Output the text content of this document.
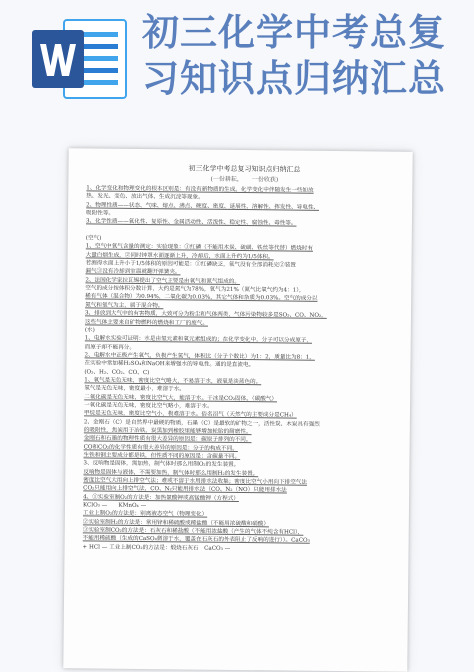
初三化学中考总复
习知识点归纳汇总
初三化学中考总复习知识点归纳汇总
(一份耕耘，　　一份收获)
1、化学变化和物理变化的根本区别是：有没有新物质的生成。化学变化中伴随发生一些如放
热、发光、变色、放出气体、生成沉淀等现象。
2、物理性质——状态、气味、熔点、沸点、硬度、密度、延展性、溶解性、挥发性、导电性、
吸附性等。
3、化学性质——氧化性、复原性、金属活动性、活泼性、稳定性、腐蚀性、毒性等。

(空气)
1、空气中氧气含量的测定：实验现象：①红磷（不能用木炭、硫磺、铁丝等代替）燃烧时有
大量白烟生成，②同时钟罩水面逐渐上升，冷却后，水面上升约为1/5体积。
若测得水面上升小于1/5体积的原因可能是：①红磷缺乏，氧气没有全部消耗完②装置
漏气③没有冷却到室温就翻开弹簧夹。
2、法国化学家拉瓦锡提出了空气主要是由氧气和氮气组成的。
空气的成分按体积分数计算，大约是氮气为78%，氧气为21%（氮气比氧气约为4：1），
稀有气体（混合物）为0.94%，二氧化碳为0.03%，其它气体和杂质为0.03%。空气的成分以
氮气和氧气为主，属于混合物。
3、排放到大气中的有害物质，大致可分为粉尘和气体两类，气体污染物较多是SO₂、CO、NO₂，
这些气体主要来自矿物燃料的燃烧和工厂的废气。
(水)
1、电解水实验可证明：水是由氢元素和氧元素组成的；在化学变化中，分子可以分成原子，
而原子却不能再分。
2、电解水中正极产生氧气，负极产生氢气，体积比（分子个数比）为1：2，质量比为8：1，
在实验中常加稀H₂SO₄和NaOH来增强水的导电性。通的是直流电。
(O₂、H₂、CO₂、CO、C)
1、氧气是无色无味，密度比空气略大，不易溶于水，液氧是淡蓝色的。
氢气是无色无味，密度最小，难溶于水。
二氧化碳是无色无味，密度比空气大，能溶于水。干冰是CO₂固体。（碳酸气）
一氧化碳是无色无味，密度比空气略小，难溶于水。
甲烷是无色无味，密度比空气小，极难溶于水。俗名沼气（天然气的主要成分是CH₄）
2、金刚石（C）是自然界中最硬的物质，石墨（C）是最软的矿物之一，活性炭、木炭具有强烈
的吸附性，焦炭用于冶铁，炭黑加到橡胶里能够增加轮胎的耐磨性。
金刚石和石墨的物理性质有很大差异的原因是：碳原子排列的不同。
CO和CO₂的化学性质有很大差异的原因是：分子的构成不同。
生铁和钢主要成分都是铁，但性质不同的原因是：含碳量不同。
3、反响物是固体，需加热，制气体时那么用制O₂的发生装置。
反响物是固体与液体，不需要加热，制气体时那么用制H₂的发生装置。
密度比空气大用向上排空气法；难或不溶于水用排水法收集；密度比空气小用向下排空气法
CO₂只能用向上排空气法，CO、N₂只能用排水法（CO、N₂（NO）只能用排水法
4、①实验室制O₂的方法是：加热氯酸钾或高锰酸钾（方程式）
KClO₃ —　　KMnO₄ —
工业上制O₂的方法是：别离液态空气（物理变化）
②实验室制H₂的方法是：常用锌和稀硫酸或稀盐酸（不能用浓硫酸和硝酸）
③实验室制CO₂的方法是：石灰石和稀盐酸（不能用浓盐酸（产生的气体不纯含有HCl），
不能用稀硫酸（生成的CaSO₄微溶于水，覆盖在石灰石的外表阻止了反响的进行））。CaCO₃
+ HCl — 工业上制CO₂的方法是：煅烧石灰石　CaCO₃ —
